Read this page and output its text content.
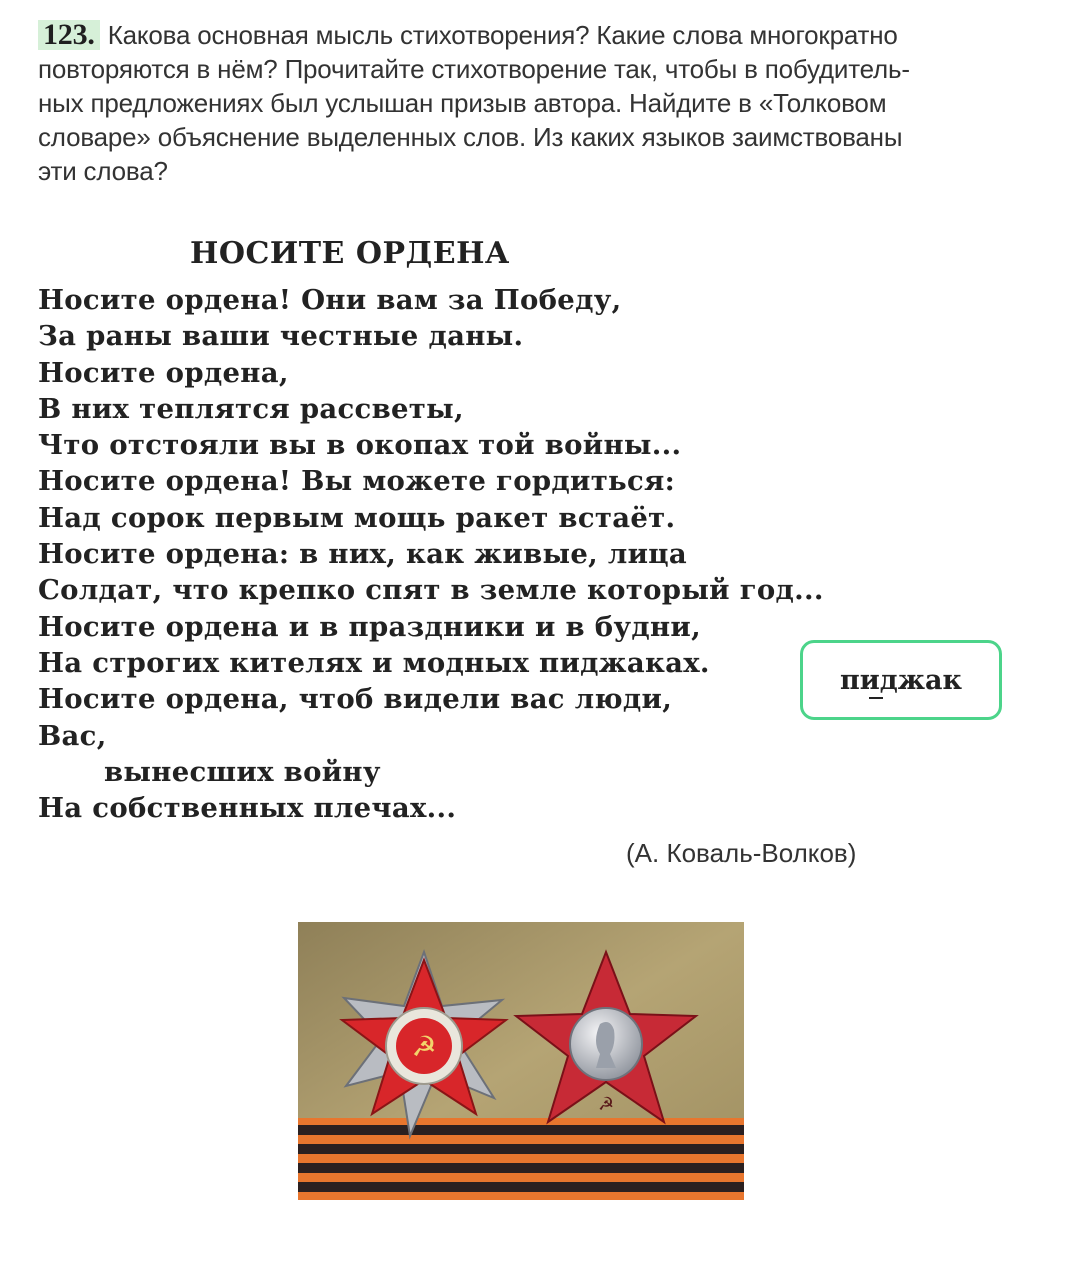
123. Какова основная мысль стихотворения? Какие слова многократно
повторяются в нём? Прочитайте стихотворение так, чтобы в побудитель-
ных предложениях был услышан призыв автора. Найдите в «Толковом
словаре» объяснение выделенных слов. Из каких языков заимствованы
эти слова?
НОСИТЕ ОРДЕНА
Носите ордена! Они вам за Победу,
За раны ваши честные даны.
Носите ордена,
В них теплятся рассветы,
Что отстояли вы в окопах той войны...
Носите ордена! Вы можете гордиться:
Над сорок первым мощь ракет встаёт.
Носите ордена: в них, как живые, лица
Солдат, что крепко спят в земле который год...
Носите ордена и в праздники и в будни,
На строгих кителях и модных пиджаках.
Носите ордена, чтоб видели вас люди,
Вас,
вынесших войну
На собственных плечах...
(А. Коваль-Волков)
пиджак
☭
☭
